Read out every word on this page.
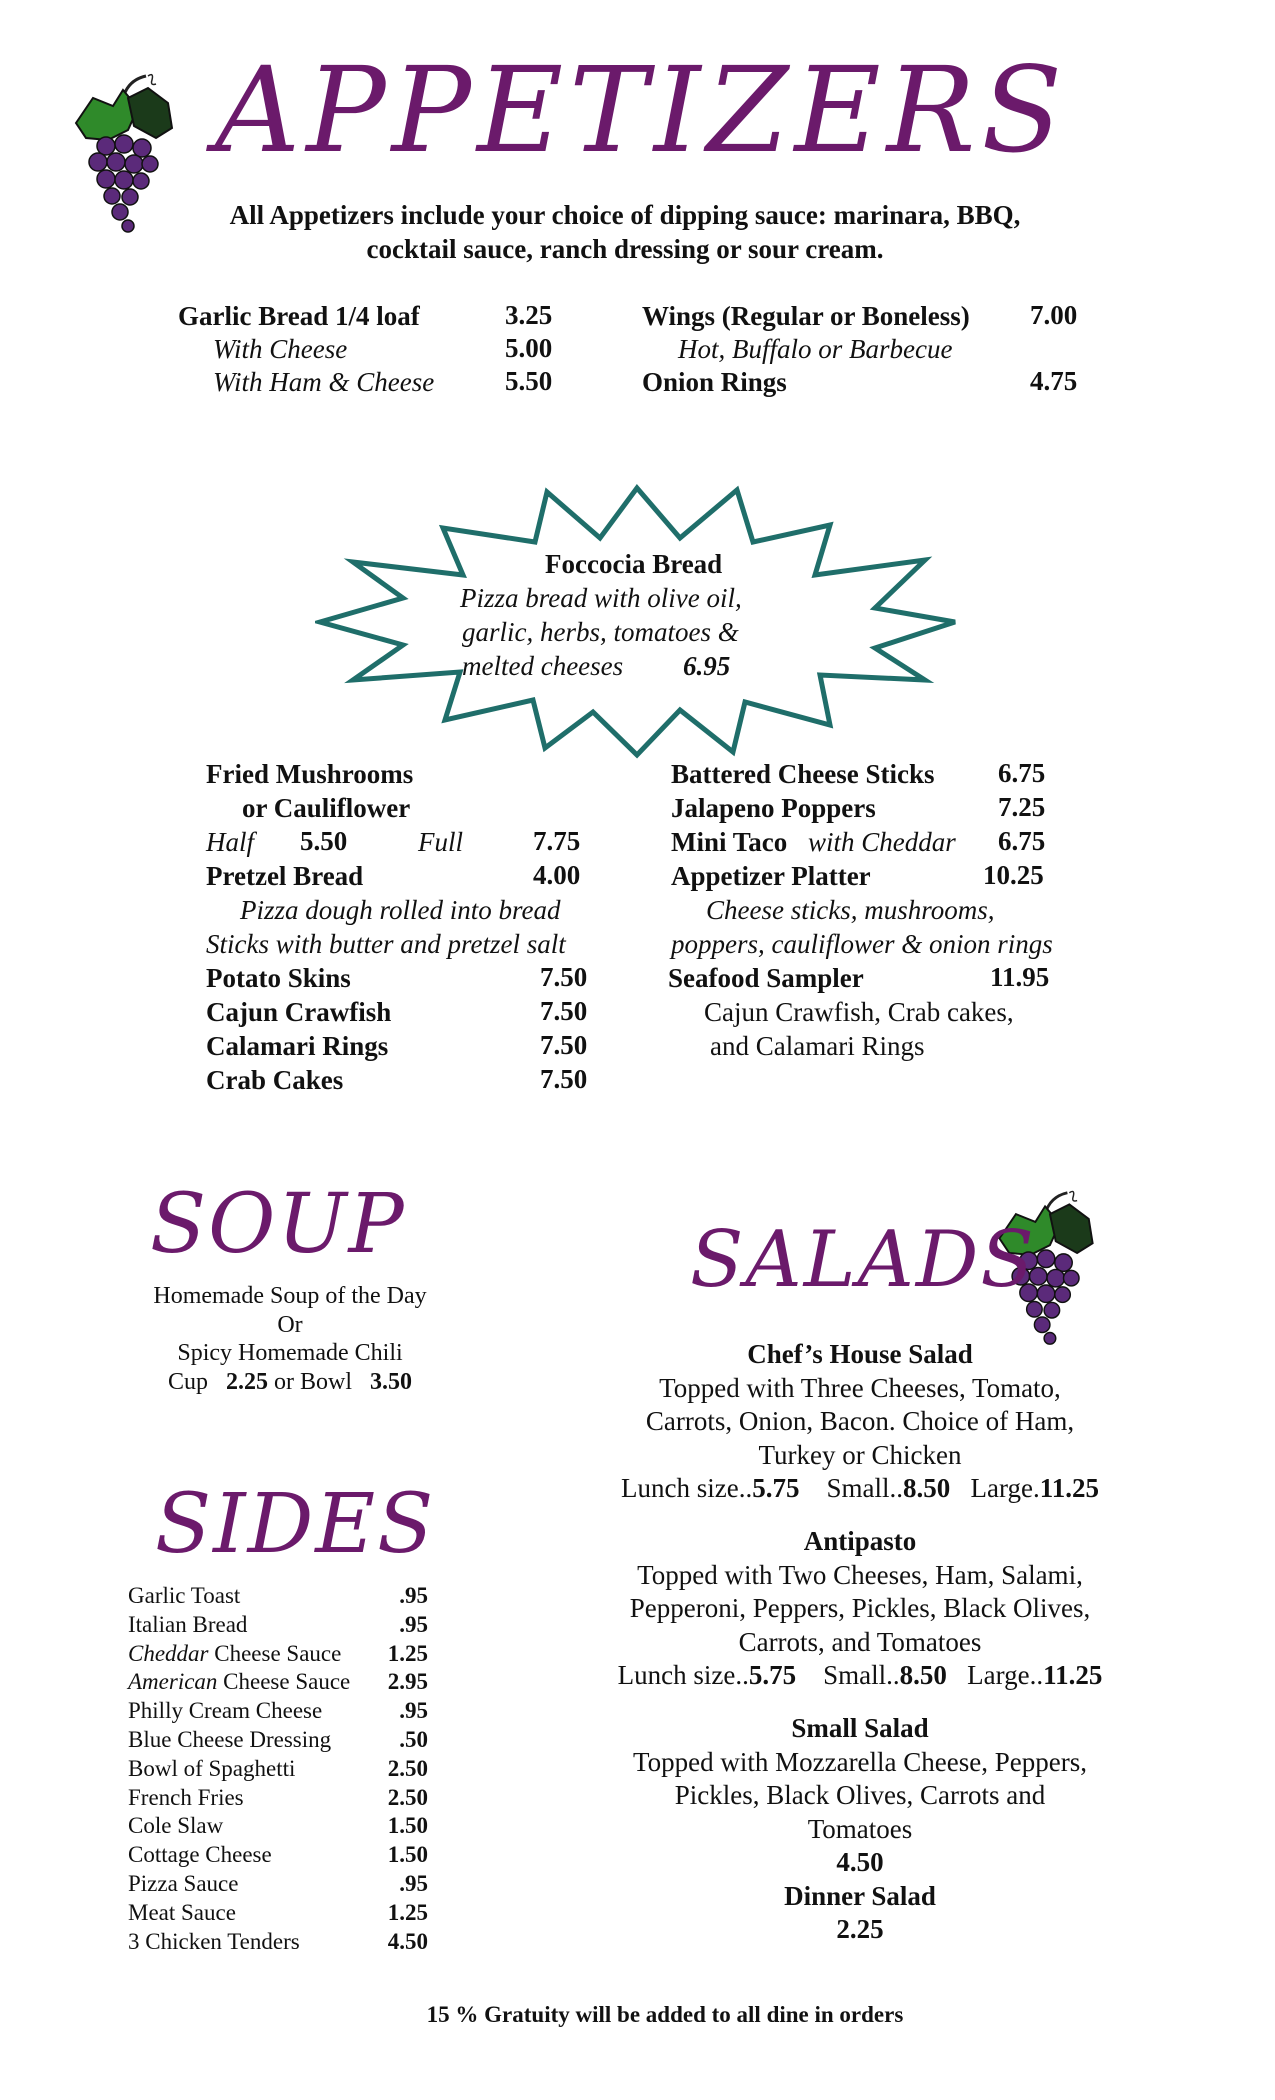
APPETIZERS
All Appetizers include your choice of dipping sauce: marinara, BBQ,
cocktail sauce, ranch dressing or sour cream.
Garlic Bread 1/4 loaf	3.25
With Cheese	5.00
With Ham & Cheese	5.50
Wings (Regular or Boneless) 7.00
Hot, Buffalo or Barbecue
Onion Rings	4.75
Foccocia Bread
Pizza bread with olive oil,
garlic, herbs, tomatoes &
melted cheeses 6.95
Fried Mushrooms
or Cauliflower
Half 5.50	Full	7.75
Pretzel Bread	4.00
Pizza dough rolled into bread
Sticks with butter and pretzel salt
Potato Skins	7.50
Cajun Crawfish	7.50
Calamari Rings	7.50
Crab Cakes	7.50
Battered Cheese Sticks 6.75
Jalapeno Poppers	7.25
Mini Taco with Cheddar 6.75
Appetizer Platter	10.25
Cheese sticks, mushrooms,
poppers, cauliflower & onion rings
Seafood Sampler	11.95
Cajun Crawfish, Crab cakes,
and Calamari Rings
SOUP
Homemade Soup of the Day
Or
Spicy Homemade Chili
Cup 2.25 or Bowl 3.50
SIDES
Garlic Toast	.95
Italian Bread	.95
Cheddar Cheese Sauce 1.25
American Cheese Sauce 2.95
Philly Cream Cheese	.95
Blue Cheese Dressing	.50
Bowl of Spaghetti	2.50
French Fries	2.50
Cole Slaw	1.50
Cottage Cheese	1.50
Pizza Sauce	.95
Meat Sauce	1.25
3 Chicken Tenders	4.50
SALADS
Chef’s House Salad
Topped with Three Cheeses, Tomato,
Carrots, Onion, Bacon. Choice of Ham,
Turkey or Chicken
Lunch size..5.75 Small..8.50 Large.11.25
Antipasto
Topped with Two Cheeses, Ham, Salami,
Pepperoni, Peppers, Pickles, Black Olives,
Carrots, and Tomatoes
Lunch size..5.75 Small..8.50 Large..11.25
Small Salad
Topped with Mozzarella Cheese, Peppers,
Pickles, Black Olives, Carrots and
Tomatoes
4.50
Dinner Salad
2.25
15 % Gratuity will be added to all dine in orders
